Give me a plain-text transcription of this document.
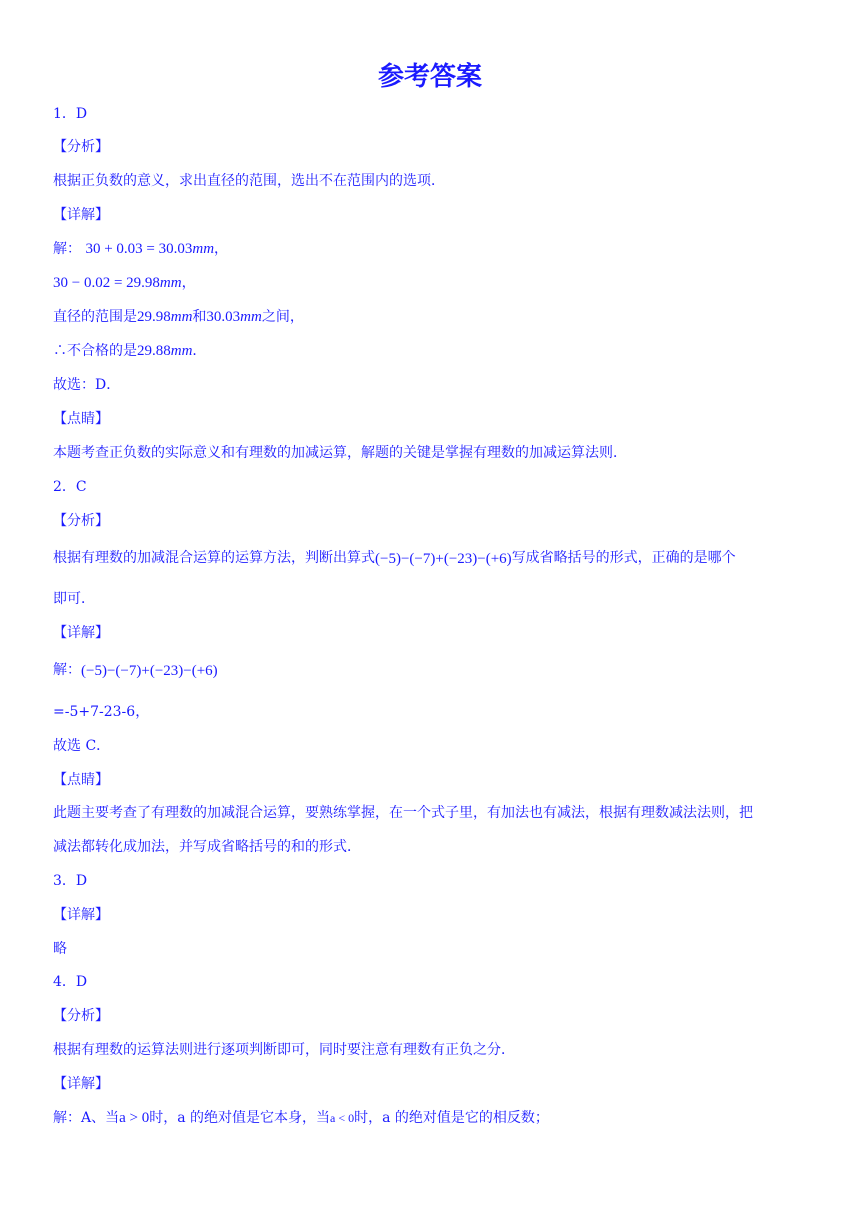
参考答案
1．D
【分析】
根据正负数的意义，求出直径的范围，选出不在范围内的选项．
【详解】
解： 30 + 0.03 = 30.03mm，
30 − 0.02 = 29.98mm，
直径的范围是29.98mm和30.03mm之间，
∴不合格的是29.88mm．
故选：D．
【点睛】
本题考查正负数的实际意义和有理数的加减运算，解题的关键是掌握有理数的加减运算法则．
2．C
【分析】
根据有理数的加减混合运算的运算方法，判断出算式(−5)−(−7)+(−23)−(+6)写成省略括号的形式，正确的是哪个
即可．
【详解】
解：(−5)−(−7)+(−23)−(+6)
=-5+7-23-6，
故选 C．
【点睛】
此题主要考查了有理数的加减混合运算，要熟练掌握，在一个式子里，有加法也有减法，根据有理数减法法则，把
减法都转化成加法，并写成省略括号的和的形式．
3．D
【详解】
略
4．D
【分析】
根据有理数的运算法则进行逐项判断即可，同时要注意有理数有正负之分．
【详解】
解：A、当a > 0时，a 的绝对值是它本身，当a < 0时，a 的绝对值是它的相反数；
